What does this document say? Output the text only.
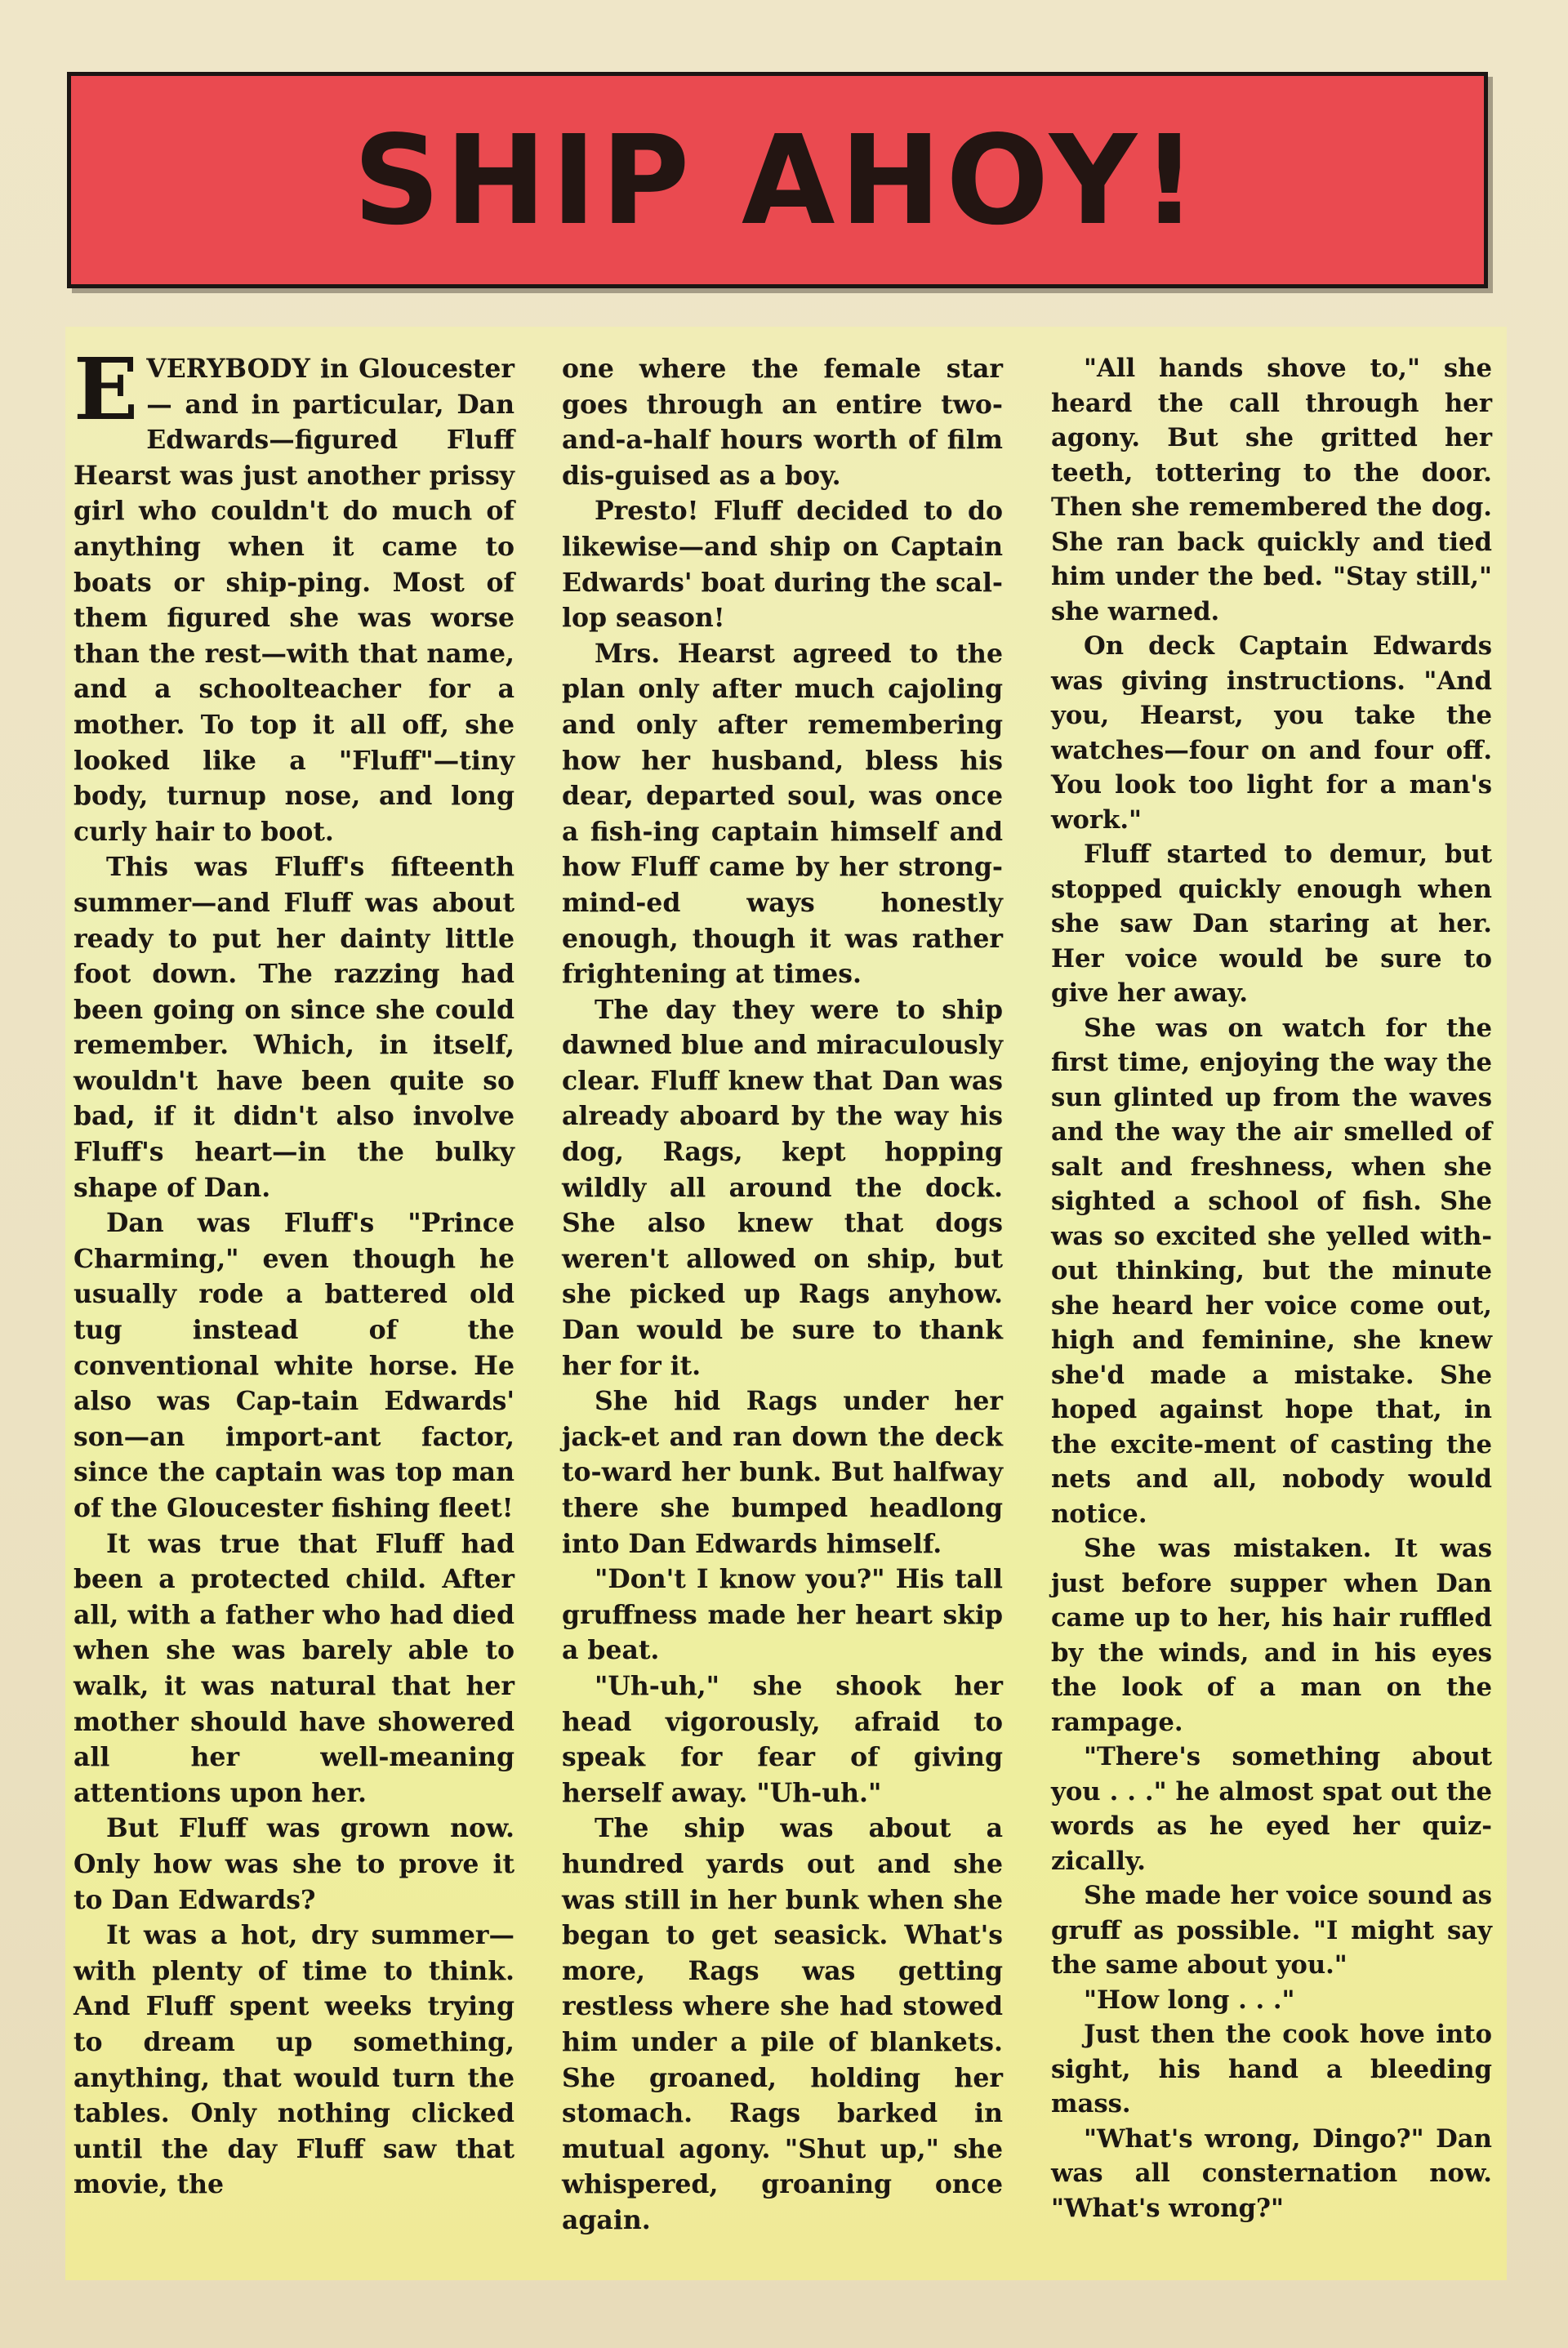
SHIP AHOY!

EVERYBODY in Gloucester — and in particular, Dan Edwards—figured Fluff Hearst was just another prissy girl who couldn't do much of anything when it came to boats or ship-ping. Most of them figured she was worse than the rest—with that name, and a schoolteacher for a mother. To top it all off, she looked like a "Fluff"—tiny body, turnup nose, and long curly hair to boot.

This was Fluff's fifteenth summer—and Fluff was about ready to put her dainty little foot down. The razzing had been going on since she could remember. Which, in itself, wouldn't have been quite so bad, if it didn't also involve Fluff's heart—in the bulky shape of Dan.

Dan was Fluff's "Prince Charming," even though he usually rode a battered old tug instead of the conventional white horse. He also was Cap-tain Edwards' son—an import-ant factor, since the captain was top man of the Gloucester fishing fleet!

It was true that Fluff had been a protected child. After all, with a father who had died when she was barely able to walk, it was natural that her mother should have showered all her well-meaning attentions upon her.

But Fluff was grown now. Only how was she to prove it to Dan Edwards?

It was a hot, dry summer—with plenty of time to think. And Fluff spent weeks trying to dream up something, anything, that would turn the tables. Only nothing clicked until the day Fluff saw that movie, the

one where the female star goes through an entire two-and-a-half hours worth of film dis-guised as a boy.

Presto! Fluff decided to do likewise—and ship on Captain Edwards' boat during the scal-lop season!

Mrs. Hearst agreed to the plan only after much cajoling and only after remembering how her husband, bless his dear, departed soul, was once a fish-ing captain himself and how Fluff came by her strong-mind-ed ways honestly enough, though it was rather frightening at times.

The day they were to ship dawned blue and miraculously clear. Fluff knew that Dan was already aboard by the way his dog, Rags, kept hopping wildly all around the dock. She also knew that dogs weren't allowed on ship, but she picked up Rags anyhow. Dan would be sure to thank her for it.

She hid Rags under her jack-et and ran down the deck to-ward her bunk. But halfway there she bumped headlong into Dan Edwards himself.

"Don't I know you?" His tall gruffness made her heart skip a beat.

"Uh-uh," she shook her head vigorously, afraid to speak for fear of giving herself away. "Uh-uh."

The ship was about a hundred yards out and she was still in her bunk when she began to get seasick. What's more, Rags was getting restless where she had stowed him under a pile of blankets. She groaned, holding her stomach. Rags barked in mutual agony. "Shut up," she whispered, groaning once again.

"All hands shove to," she heard the call through her agony. But she gritted her teeth, tottering to the door. Then she remembered the dog. She ran back quickly and tied him under the bed. "Stay still," she warned.

On deck Captain Edwards was giving instructions. "And you, Hearst, you take the watches—four on and four off. You look too light for a man's work."

Fluff started to demur, but stopped quickly enough when she saw Dan staring at her. Her voice would be sure to give her away.

She was on watch for the first time, enjoying the way the sun glinted up from the waves and the way the air smelled of salt and freshness, when she sighted a school of fish. She was so excited she yelled with-out thinking, but the minute she heard her voice come out, high and feminine, she knew she'd made a mistake. She hoped against hope that, in the excite-ment of casting the nets and all, nobody would notice.

She was mistaken. It was just before supper when Dan came up to her, his hair ruffled by the winds, and in his eyes the look of a man on the rampage.

"There's something about you . . ." he almost spat out the words as he eyed her quiz-zically.

She made her voice sound as gruff as possible. "I might say the same about you."

"How long . . ."

Just then the cook hove into sight, his hand a bleeding mass.

"What's wrong, Dingo?" Dan was all consternation now. "What's wrong?"
